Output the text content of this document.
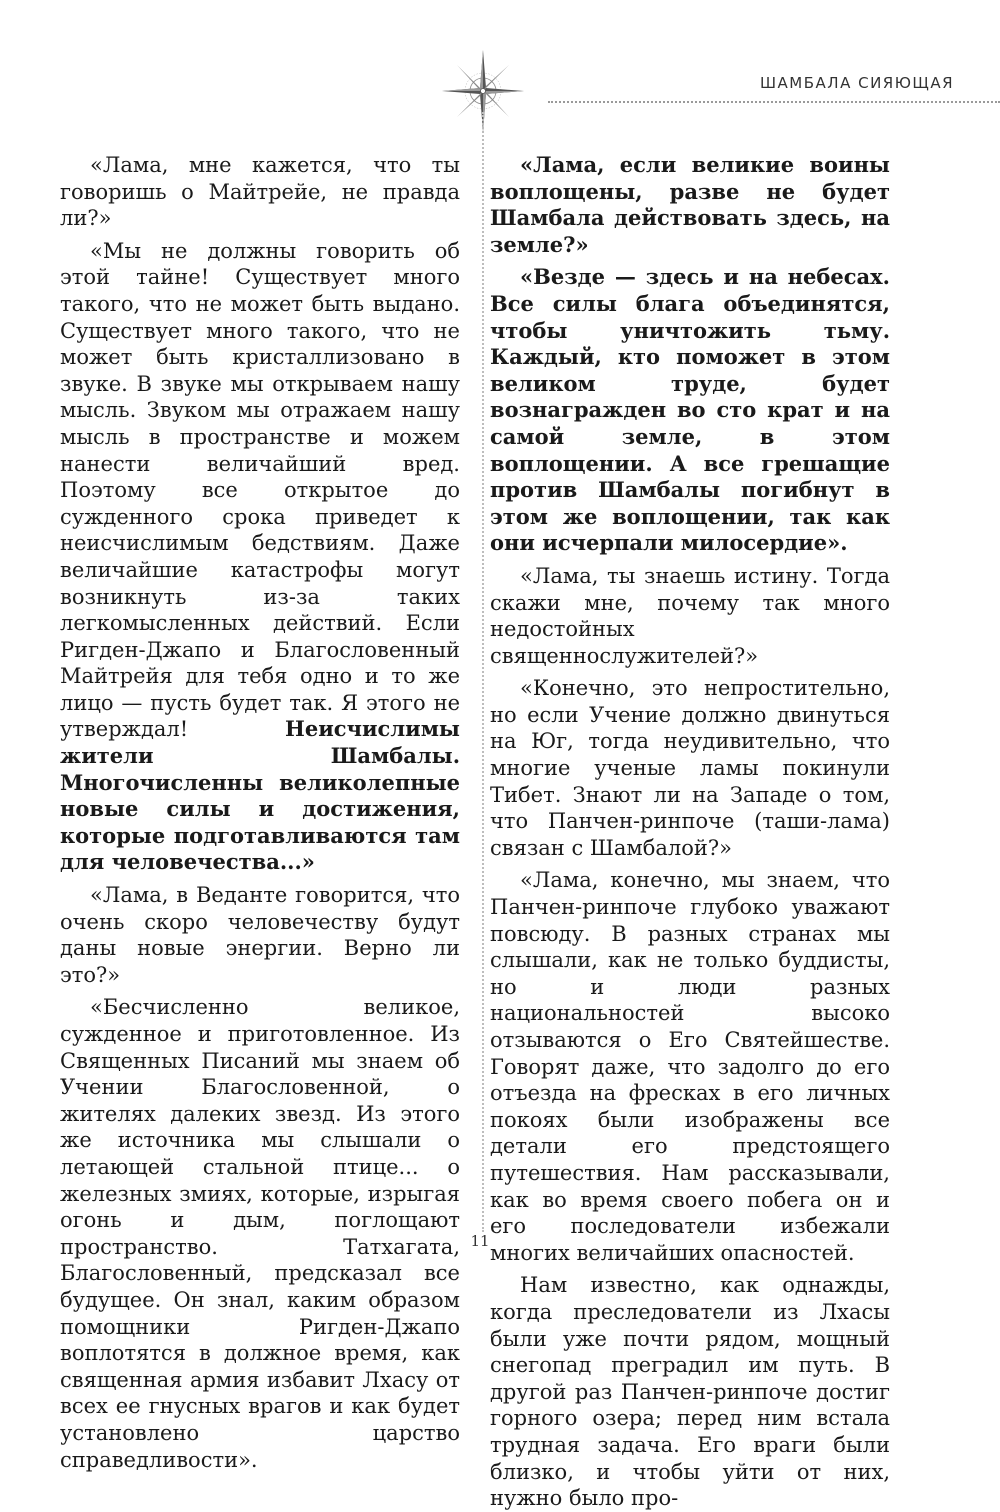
ШАМБАЛА СИЯЮЩАЯ

«Лама, мне кажется, что ты говоришь о Майтрейе, не правда ли?»

«Мы не должны говорить об этой тайне! Существует много такого, что не может быть выдано. Существует много такого, что не может быть кристаллизовано в звуке. В звуке мы открываем нашу мысль. Звуком мы отражаем нашу мысль в пространстве и можем нанести величайший вред. Поэтому все открытое до сужденного срока приведет к неисчислимым бедствиям. Даже величайшие катастрофы могут возникнуть из-за таких легкомысленных действий. Если Ригден-Джапо и Благословенный Майтрейя для тебя одно и то же лицо — пусть будет так. Я этого не утверждал!	Неисчислимы жители Шамбалы. Многочисленны великолепные новые силы и достижения, которые подготавливаются там для человечества...»

«Лама, в Веданте говорится, что очень скоро человечеству будут даны новые энергии. Верно ли это?»

«Бесчисленно великое, сужденное и приготовленное. Из Священных Писаний мы знаем об Учении Благословенной, о жителях далеких звезд. Из этого же источника мы слышали о летающей стальной птице... о железных змиях, которые, изрыгая огонь и дым, поглощают пространство. Татхагата, Благословенный, предсказал все будущее. Он знал, каким образом помощники Ригден-Джапо воплотятся в должное время, как священная армия избавит Лхасу от всех ее гнусных врагов и как будет установлено царство справедливости».

«Лама, если великие воины воплощены, разве не будет Шамбала действовать здесь, на земле?»

«Везде — здесь и на небесах. Все силы блага объединятся, чтобы уничтожить тьму. Каждый, кто поможет в этом великом труде, будет вознагражден во сто крат и на самой земле, в этом воплощении. А все грешащие против Шамбалы погибнут в этом же воплощении, так как они исчерпали милосердие».

«Лама, ты знаешь истину. Тогда скажи мне, почему так много недостойных священнослужителей?»

«Конечно, это непростительно, но если Учение должно двинуться на Юг, тогда неудивительно, что многие ученые ламы покинули Тибет. Знают ли на Западе о том, что Панчен-ринпоче (таши-лама) связан с Шамбалой?»

«Лама, конечно, мы знаем, что Панчен-ринпоче глубоко уважают повсюду. В разных странах мы слышали, как не только буддисты, но и люди разных национальностей высоко отзываются о Его Святейшестве. Говорят даже, что задолго до его отъезда на фресках в его личных покоях были изображены все детали его предстоящего путешествия. Нам рассказывали, как во время своего побега он и его последователи избежали многих величайших опасностей.

Нам известно, как однажды, когда преследователи из Лхасы были уже почти рядом, мощный снегопад преградил им путь. В другой раз Панчен-ринпоче достиг горного озера; перед ним встала трудная задача. Его враги были близко, и чтобы уйти от них, нужно было про-

11
